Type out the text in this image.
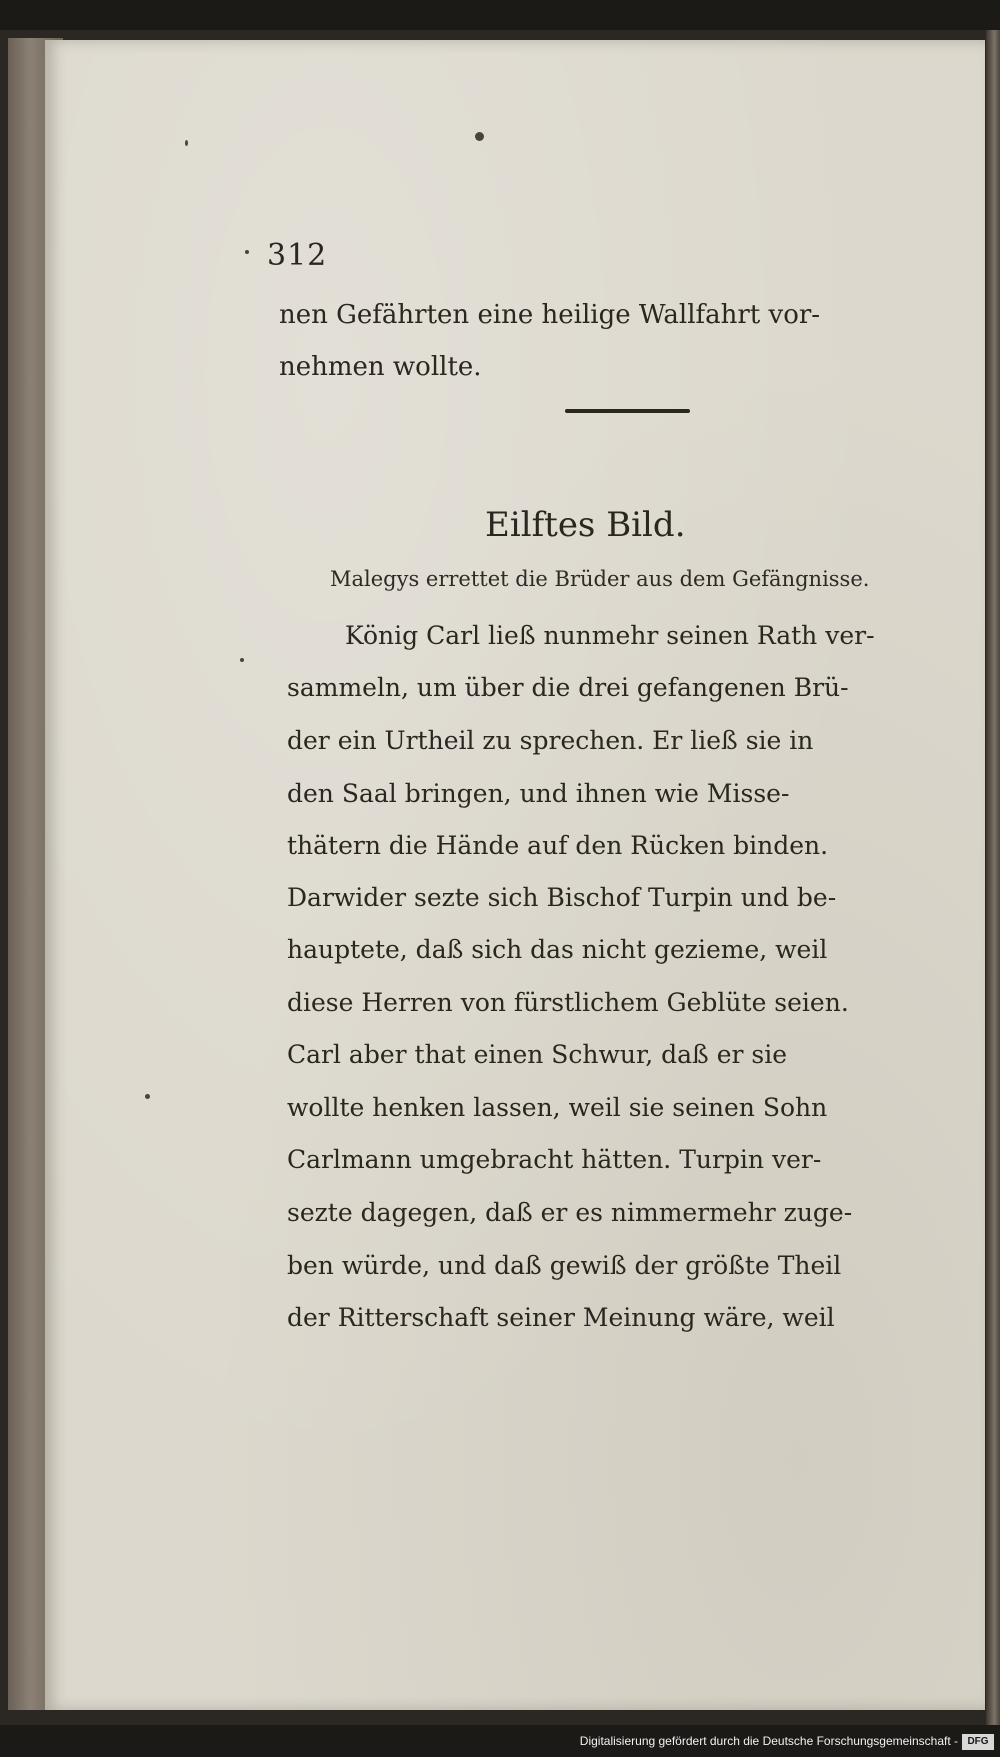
312
nen Gefährten eine heilige Wallfahrt vor-
nehmen wollte.
Eilftes Bild.
Malegys errettet die Brüder aus dem Gefängnisse.
König Carl ließ nunmehr seinen Rath ver-
sammeln, um über die drei gefangenen Brü-
der ein Urtheil zu sprechen. Er ließ sie in
den Saal bringen, und ihnen wie Misse-
thätern die Hände auf den Rücken binden.
Darwider sezte sich Bischof Turpin und be-
hauptete, daß sich das nicht gezieme, weil
diese Herren von fürstlichem Geblüte seien.
Carl aber that einen Schwur, daß er sie
wollte henken lassen, weil sie seinen Sohn
Carlmann umgebracht hätten. Turpin ver-
sezte dagegen, daß er es nimmermehr zuge-
ben würde, und daß gewiß der größte Theil
der Ritterschaft seiner Meinung wäre, weil
Digitalisierung gefördert durch die Deutsche Forschungsgemeinschaft - DFG
